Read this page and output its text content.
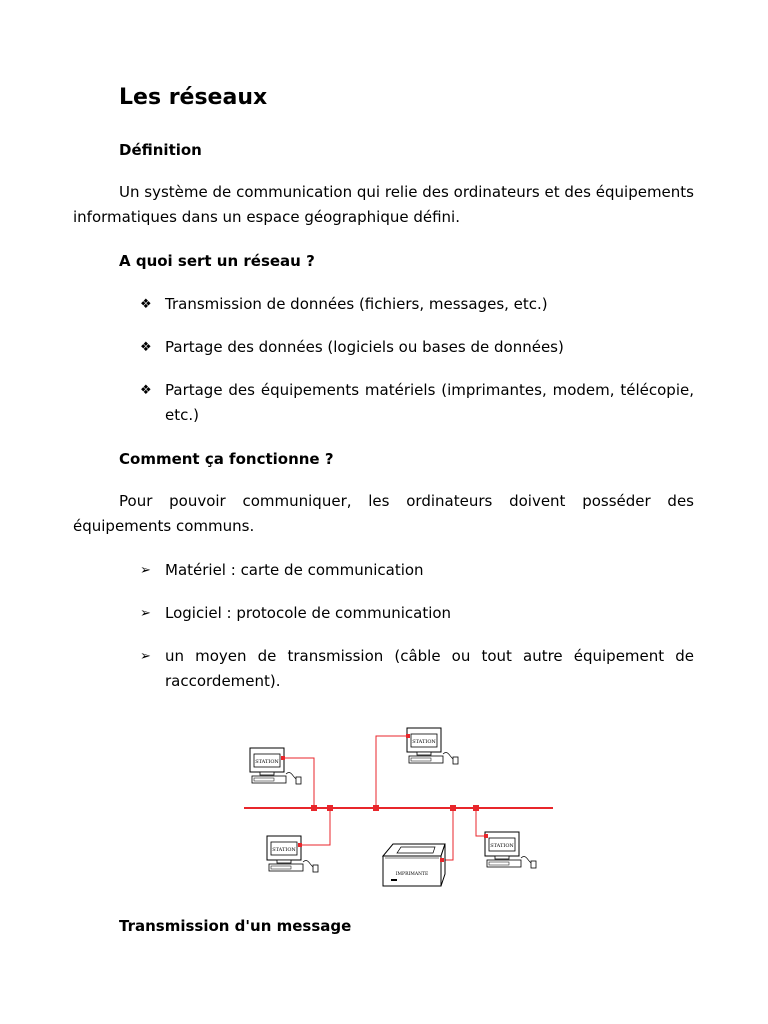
Les réseaux

Définition

Un système de communication qui relie des ordinateurs et des équipements informatiques dans un espace géographique défini.

A quoi sert un réseau ?

❖ Transmission de données (fichiers, messages, etc.)
❖ Partage des données (logiciels ou bases de données)
❖ Partage des équipements matériels (imprimantes, modem, télécopie, etc.)

Comment ça fonctionne ?

Pour pouvoir communiquer, les ordinateurs doivent posséder des équipements communs.

➢ Matériel : carte de communication
➢ Logiciel : protocole de communication
➢ un moyen de transmission (câble ou tout autre équipement de raccordement).
STATION
STATION
STATION
STATION
IMPRIMANTE

Transmission d'un message
